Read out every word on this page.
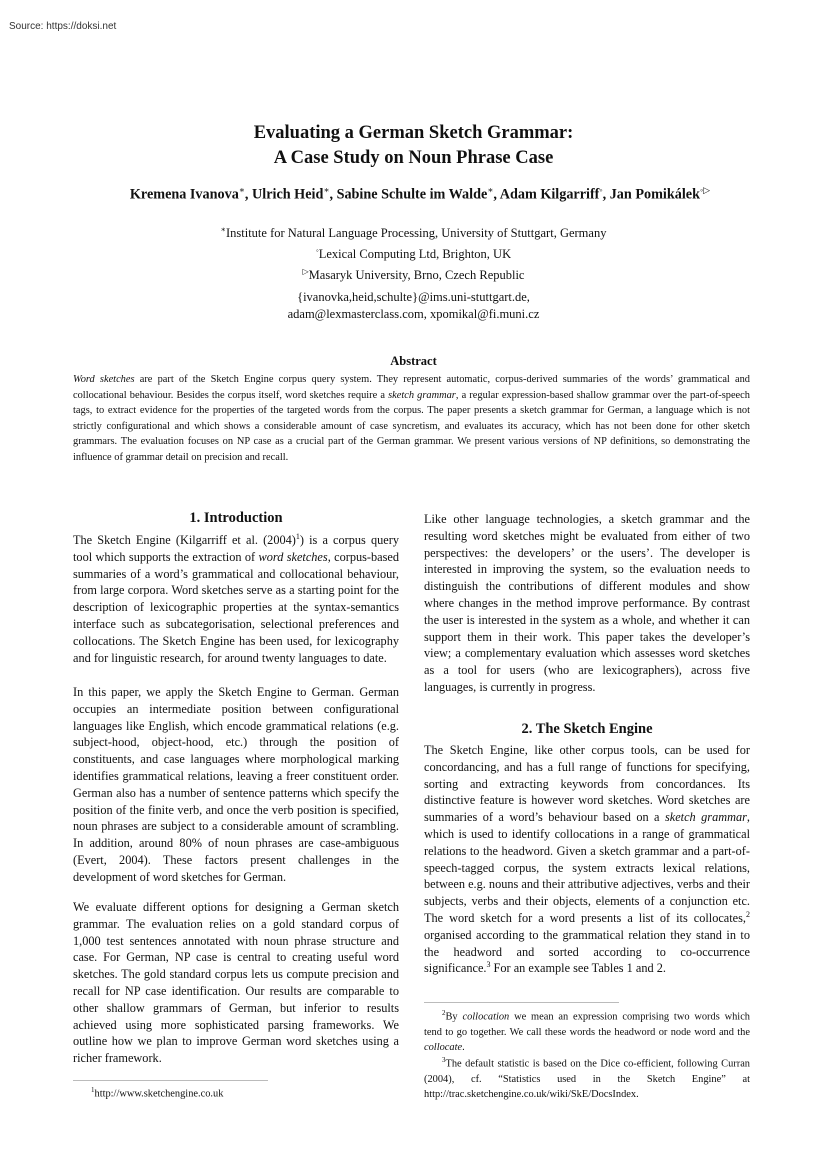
Source: https://doksi.net
Evaluating a German Sketch Grammar:
A Case Study on Noun Phrase Case
Kremena Ivanova∗, Ulrich Heid∗, Sabine Schulte im Walde∗, Adam Kilgarriff◦, Jan Pomikálek◦▷
∗Institute for Natural Language Processing, University of Stuttgart, Germany
◦Lexical Computing Ltd, Brighton, UK
▷Masaryk University, Brno, Czech Republic
{ivanovka,heid,schulte}@ims.uni-stuttgart.de,
adam@lexmasterclass.com, xpomikal@fi.muni.cz
Abstract
Word sketches are part of the Sketch Engine corpus query system. They represent automatic, corpus-derived summaries of the words’ grammatical and collocational behaviour. Besides the corpus itself, word sketches require a sketch grammar, a regular expression-based shallow grammar over the part-of-speech tags, to extract evidence for the properties of the targeted words from the corpus. The paper presents a sketch grammar for German, a language which is not strictly configurational and which shows a considerable amount of case syncretism, and evaluates its accuracy, which has not been done for other sketch grammars. The evaluation focuses on NP case as a crucial part of the German grammar. We present various versions of NP definitions, so demonstrating the influence of grammar detail on precision and recall.
1. Introduction
The Sketch Engine (Kilgarriff et al. $(2004)^1$) is a corpus query tool which supports the extraction of word sketches, corpus-based summaries of a word’s grammatical and collocational behaviour, from large corpora. Word sketches serve as a starting point for the description of lexicographic properties at the syntax-semantics interface such as subcategorisation, selectional preferences and collocations. The Sketch Engine has been used, for lexicography and for linguistic research, for around twenty languages to date.
In this paper, we apply the Sketch Engine to German. German occupies an intermediate position between configurational languages like English, which encode grammatical relations (e.g. subject-hood, object-hood, etc.) through the position of constituents, and case languages where morphological marking identifies grammatical relations, leaving a freer constituent order. German also has a number of sentence patterns which specify the position of the finite verb, and once the verb position is specified, noun phrases are subject to a considerable amount of scrambling. In addition, around 80% of noun phrases are case-ambiguous (Evert, 2004). These factors present challenges in the development of word sketches for German.
We evaluate different options for designing a German sketch grammar. The evaluation relies on a gold standard corpus of 1,000 test sentences annotated with noun phrase structure and case. For German, NP case is central to creating useful word sketches. The gold standard corpus lets us compute precision and recall for NP case identification. Our results are comparable to other shallow grammars of German, but inferior to results achieved using more sophisticated parsing frameworks. We outline how we plan to improve German word sketches using a richer framework.
$^1$http://www.sketchengine.co.uk
Like other language technologies, a sketch grammar and the resulting word sketches might be evaluated from either of two perspectives: the developers’ or the users’. The developer is interested in improving the system, so the evaluation needs to distinguish the contributions of different modules and show where changes in the method improve performance. By contrast the user is interested in the system as a whole, and whether it can support them in their work. This paper takes the developer’s view; a complementary evaluation which assesses word sketches as a tool for users (who are lexicographers), across five languages, is currently in progress.
2. The Sketch Engine
The Sketch Engine, like other corpus tools, can be used for concordancing, and has a full range of functions for specifying, sorting and extracting keywords from concordances. Its distinctive feature is however word sketches. Word sketches are summaries of a word’s behaviour based on a sketch grammar, which is used to identify collocations in a range of grammatical relations to the headword. Given a sketch grammar and a part-of-speech-tagged corpus, the system extracts lexical relations, between e.g. nouns and their attributive adjectives, verbs and their subjects, verbs and their objects, elements of a conjunction etc. The word sketch for a word presents a list of its collocates,$^2$ organised according to the grammatical relation they stand in to the headword and sorted according to co-occurrence significance.$^3$ For an example see Tables 1 and 2.
$^2$By collocation we mean an expression comprising two words which tend to go together. We call these words the headword or node word and the collocate.
$^3$The default statistic is based on the Dice co-efficient, following Curran (2004), cf. “Statistics used in the Sketch Engine” at http://trac.sketchengine.co.uk/wiki/SkE/DocsIndex.
